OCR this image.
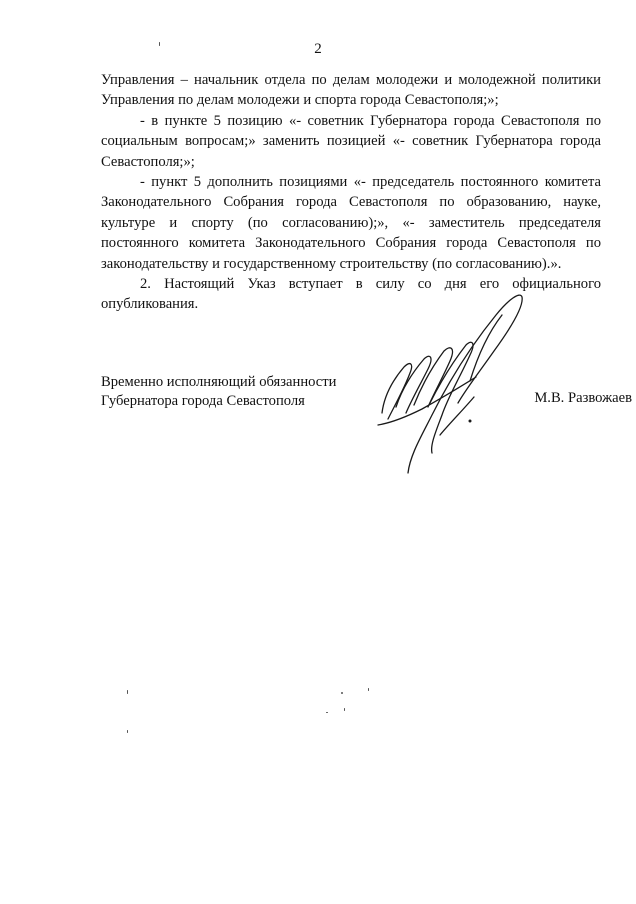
2

Управления – начальник отдела по делам молодежи и молодежной политики Управления по делам молодежи и спорта города Севастополя;»;

- в пункте 5 позицию «- советник Губернатора города Севастополя по социальным вопросам;» заменить позицией «- советник Губернатора города Севастополя;»;

- пункт 5 дополнить позициями «- председатель постоянного комитета Законодательного Собрания города Севастополя по образованию, науке, культуре и спорту (по согласованию);», «- заместитель председателя постоянного комитета Законодательного Собрания города Севастополя по законодательству и государственному строительству (по согласованию).».

2. Настоящий Указ вступает в силу со дня его официального опубликования.

Временно исполняющий обязанности
Губернатора города Севастополя	М.В. Развожаев
